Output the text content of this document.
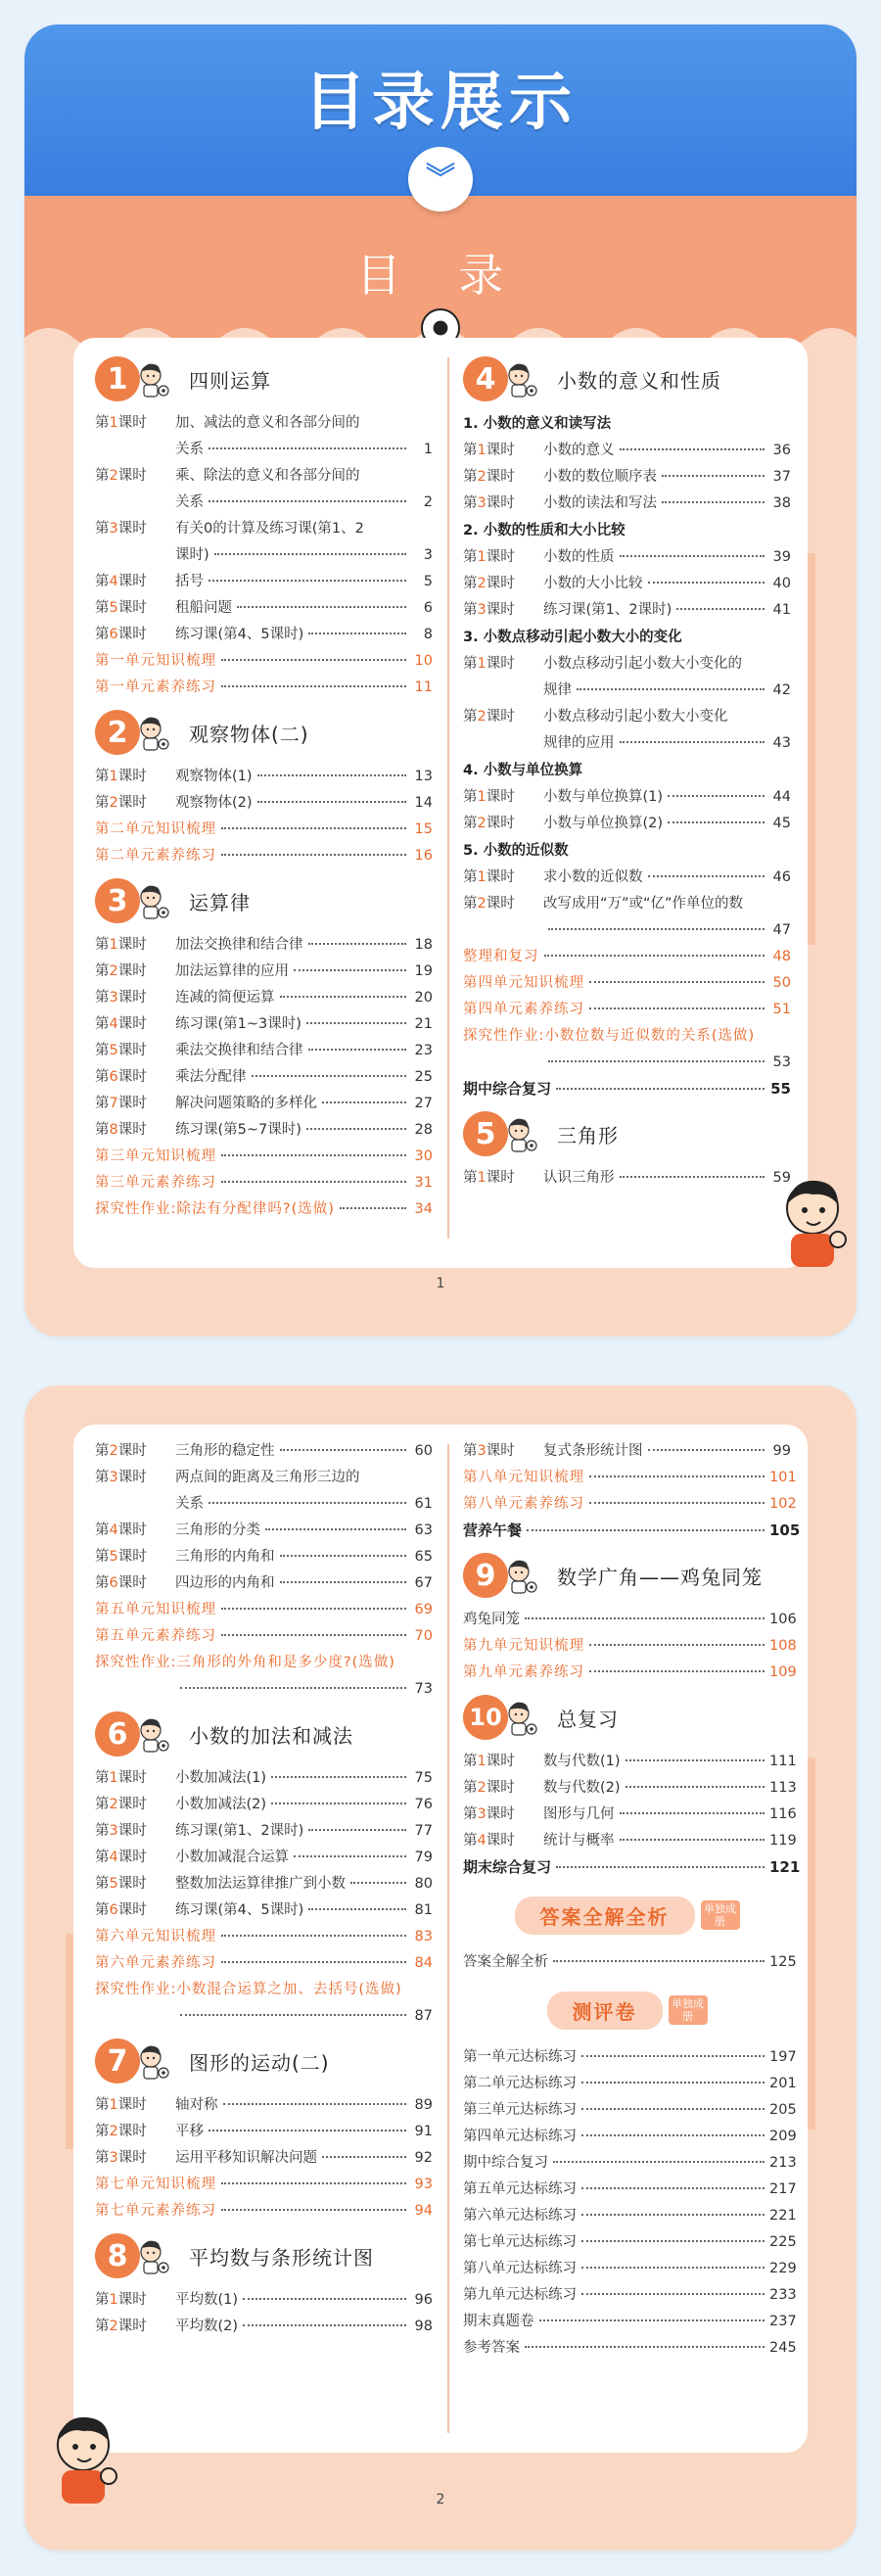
目录展示
︾
目 录
1	四则运算
第1课时	加、减法的意义和各部分间的
关系	1
第2课时	乘、除法的意义和各部分间的
关系	2
第3课时	有关0的计算及练习课(第1、2
课时)	3
第4课时	括号	5
第5课时	租船问题	6
第6课时	练习课(第4、5课时)	8
第一单元知识梳理	10
第一单元素养练习	11
2	观察物体(二)
第1课时	观察物体(1)	13
第2课时	观察物体(2)	14
第二单元知识梳理	15
第二单元素养练习	16
3	运算律
第1课时	加法交换律和结合律	18
第2课时	加法运算律的应用	19
第3课时	连减的简便运算	20
第4课时	练习课(第1~3课时)	21
第5课时	乘法交换律和结合律	23
第6课时	乘法分配律	25
第7课时	解决问题策略的多样化	27
第8课时	练习课(第5~7课时)	28
第三单元知识梳理	30
第三单元素养练习	31
探究性作业:除法有分配律吗?(选做)	34
4	小数的意义和性质
1. 小数的意义和读写法
第1课时	小数的意义	36
第2课时	小数的数位顺序表	37
第3课时	小数的读法和写法	38
2. 小数的性质和大小比较
第1课时	小数的性质	39
第2课时	小数的大小比较	40
第3课时	练习课(第1、2课时)	41
3. 小数点移动引起小数大小的变化
第1课时	小数点移动引起小数大小变化的
规律	42
第2课时	小数点移动引起小数大小变化
规律的应用	43
4. 小数与单位换算
第1课时	小数与单位换算(1)	44
第2课时	小数与单位换算(2)	45
5. 小数的近似数
第1课时	求小数的近似数	46
第2课时	改写成用“万”或“亿”作单位的数
47
整理和复习	48
第四单元知识梳理	50
第四单元素养练习	51
探究性作业:小数位数与近似数的关系(选做)
53
期中综合复习	55
5	三角形
第1课时	认识三角形	59
1
第2课时	三角形的稳定性	60
第3课时	两点间的距离及三角形三边的
关系	61
第4课时	三角形的分类	63
第5课时	三角形的内角和	65
第6课时	四边形的内角和	67
第五单元知识梳理	69
第五单元素养练习	70
探究性作业:三角形的外角和是多少度?(选做)
73
6	小数的加法和减法
第1课时	小数加减法(1)	75
第2课时	小数加减法(2)	76
第3课时	练习课(第1、2课时)	77
第4课时	小数加减混合运算	79
第5课时	整数加法运算律推广到小数	80
第6课时	练习课(第4、5课时)	81
第六单元知识梳理	83
第六单元素养练习	84
探究性作业:小数混合运算之加、去括号(选做)
87
7	图形的运动(二)
第1课时	轴对称	89
第2课时	平移	91
第3课时	运用平移知识解决问题	92
第七单元知识梳理	93
第七单元素养练习	94
8	平均数与条形统计图
第1课时	平均数(1)	96
第2课时	平均数(2)	98
第3课时	复式条形统计图	99
第八单元知识梳理	101
第八单元素养练习	102
营养午餐	105
9	数学广角——鸡兔同笼
鸡兔同笼	106
第九单元知识梳理	108
第九单元素养练习	109
10	总复习
第1课时	数与代数(1)	111
第2课时	数与代数(2)	113
第3课时	图形与几何	116
第4课时	统计与概率	119
期末综合复习	121
答案全解全析	单独成册
答案全解全析	125
测评卷	单独成册
第一单元达标练习	197
第二单元达标练习	201
第三单元达标练习	205
第四单元达标练习	209
期中综合复习	213
第五单元达标练习	217
第六单元达标练习	221
第七单元达标练习	225
第八单元达标练习	229
第九单元达标练习	233
期末真题卷	237
参考答案	245
2
